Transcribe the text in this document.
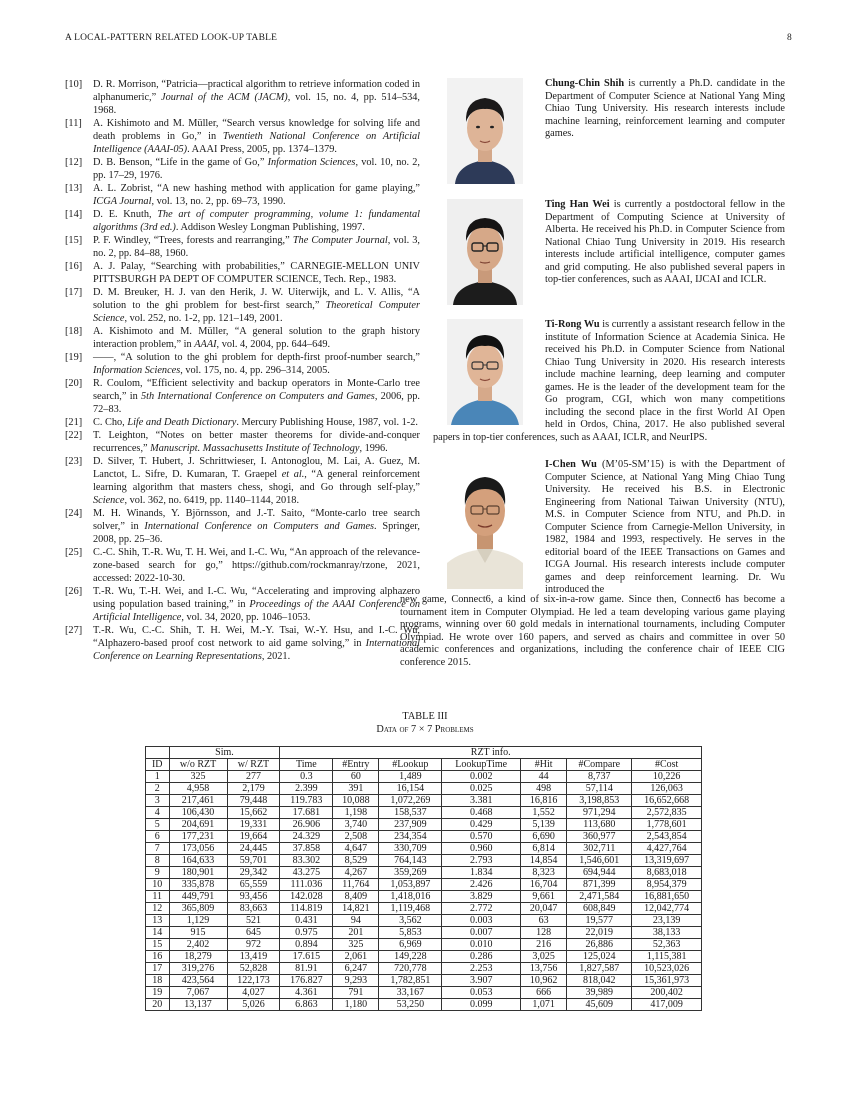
A LOCAL-PATTERN RELATED LOOK-UP TABLE	8
[10]	D. R. Morrison, “Patricia—practical algorithm to retrieve information coded in alphanumeric,” Journal of the ACM (JACM), vol. 15, no. 4, pp. 514–534, 1968.
[11]	A. Kishimoto and M. Müller, “Search versus knowledge for solving life and death problems in Go,” in Twentieth National Conference on Artificial Intelligence (AAAI-05). AAAI Press, 2005, pp. 1374–1379.
[12]	D. B. Benson, “Life in the game of Go,” Information Sciences, vol. 10, no. 2, pp. 17–29, 1976.
[13]	A. L. Zobrist, “A new hashing method with application for game playing,” ICGA Journal, vol. 13, no. 2, pp. 69–73, 1990.
[14]	D. E. Knuth, The art of computer programming, volume 1: fundamental algorithms (3rd ed.). Addison Wesley Longman Publishing, 1997.
[15]	P. F. Windley, “Trees, forests and rearranging,” The Computer Journal, vol. 3, no. 2, pp. 84–88, 1960.
[16]	A. J. Palay, “Searching with probabilities,” CARNEGIE-MELLON UNIV PITTSBURGH PA DEPT OF COMPUTER SCIENCE, Tech. Rep., 1983.
[17]	D. M. Breuker, H. J. van den Herik, J. W. Uiterwijk, and L. V. Allis, “A solution to the ghi problem for best-first search,” Theoretical Computer Science, vol. 252, no. 1-2, pp. 121–149, 2001.
[18]	A. Kishimoto and M. Müller, “A general solution to the graph history interaction problem,” in AAAI, vol. 4, 2004, pp. 644–649.
[19]	——, “A solution to the ghi problem for depth-first proof-number search,” Information Sciences, vol. 175, no. 4, pp. 296–314, 2005.
[20]	R. Coulom, “Efficient selectivity and backup operators in Monte-Carlo tree search,” in 5th International Conference on Computers and Games, 2006, pp. 72–83.
[21]	C. Cho, Life and Death Dictionary. Mercury Publishing House, 1987, vol. 1-2.
[22]	T. Leighton, “Notes on better master theorems for divide-and-conquer recurrences,” Manuscript. Massachusetts Institute of Technology, 1996.
[23]	D. Silver, T. Hubert, J. Schrittwieser, I. Antonoglou, M. Lai, A. Guez, M. Lanctot, L. Sifre, D. Kumaran, T. Graepel et al., “A general reinforcement learning algorithm that masters chess, shogi, and Go through self-play,” Science, vol. 362, no. 6419, pp. 1140–1144, 2018.
[24]	M. H. Winands, Y. Björnsson, and J.-T. Saito, “Monte-carlo tree search solver,” in International Conference on Computers and Games. Springer, 2008, pp. 25–36.
[25]	C.-C. Shih, T.-R. Wu, T. H. Wei, and I.-C. Wu, “An approach of the relevance-zone-based search for go,” https://github.com/rockmanray/rzone, 2021, accessed: 2022-10-30.
[26]	T.-R. Wu, T.-H. Wei, and I.-C. Wu, “Accelerating and improving alphazero using population based training,” in Proceedings of the AAAI Conference on Artificial Intelligence, vol. 34, 2020, pp. 1046–1053.
[27]	T.-R. Wu, C.-C. Shih, T. H. Wei, M.-Y. Tsai, W.-Y. Hsu, and I.-C. Wu, “Alphazero-based proof cost network to aid game solving,” in International Conference on Learning Representations, 2021.
Chung-Chin Shih is currently a Ph.D. candidate in the Department of Computer Science at National Yang Ming Chiao Tung University. His research interests include machine learning, reinforcement learning and computer games.
Ting Han Wei is currently a postdoctoral fellow in the Department of Computing Science at University of Alberta. He received his Ph.D. in Computer Science from National Chiao Tung University in 2019. His research interests include artificial intelligence, computer games and grid computing. He also published several papers in top-tier conferences, such as AAAI, IJCAI and ICLR.
Ti-Rong Wu is currently a assistant research fellow in the institute of Information Science at Academia Sinica. He received his Ph.D. in Computer Science from National Chiao Tung University in 2020. His research interests include machine learning, deep learning and computer games. He is the leader of the development team for the Go program, CGI, which won many competitions including the second place in the first World AI Open held in Ordos, China, 2017. He also published several papers in top-tier conferences, such as AAAI, ICLR, and NeurIPS.
I-Chen Wu (M’05-SM’15) is with the Department of Computer Science, at National Yang Ming Chiao Tung University. He received his B.S. in Electronic Engineering from National Taiwan University (NTU), M.S. in Computer Science from NTU, and Ph.D. in Computer Science from Carnegie-Mellon University, in 1982, 1984 and 1993, respectively. He serves in the editorial board of the IEEE Transactions on Games and ICGA Journal. His research interests include computer games and deep reinforcement learning. Dr. Wu introduced the
new game, Connect6, a kind of six-in-a-row game. Since then, Connect6 has become a tournament item in Computer Olympiad. He led a team developing various game playing programs, winning over 60 gold medals in international tournaments, including Computer Olympiad. He wrote over 160 papers, and served as chairs and committee in over 50 academic conferences and organizations, including the conference chair of IEEE CIG conference 2015.
TABLE III
Data of 7 × 7 Problems
	Sim.		RZT info.						
ID	w/o RZT	w/ RZT	Time	#Entry	#Lookup	LookupTime	#Hit	#Compare	#Cost
1	325	277	0.3	60	1,489	0.002	44	8,737	10,226
2	4,958	2,179	2.399	391	16,154	0.025	498	57,114	126,063
3	217,461	79,448	119.783	10,088	1,072,269	3.381	16,816	3,198,853	16,652,668
4	106,430	15,662	17.681	1,198	158,537	0.468	1,552	971,294	2,572,835
5	204,691	19,331	26.906	3,740	237,909	0.429	5,139	113,680	1,778,601
6	177,231	19,664	24.329	2,508	234,354	0.570	6,690	360,977	2,543,854
7	173,056	24,445	37.858	4,647	330,709	0.960	6,814	302,711	4,427,764
8	164,633	59,701	83.302	8,529	764,143	2.793	14,854	1,546,601	13,319,697
9	180,901	29,342	43.275	4,267	359,269	1.834	8,323	694,944	8,683,018
10	335,878	65,559	111.036	11,764	1,053,897	2.426	16,704	871,399	8,954,379
11	449,791	93,456	142.028	8,409	1,418,016	3.829	9,661	2,471,584	16,881,650
12	365,809	83,663	114.819	14,821	1,119,468	2.772	20,047	608,849	12,042,774
13	1,129	521	0.431	94	3,562	0.003	63	19,577	23,139
14	915	645	0.975	201	5,853	0.007	128	22,019	38,133
15	2,402	972	0.894	325	6,969	0.010	216	26,886	52,363
16	18,279	13,419	17.615	2,061	149,228	0.286	3,025	125,024	1,115,381
17	319,276	52,828	81.91	6,247	720,778	2.253	13,756	1,827,587	10,523,026
18	423,564	122,173	176.827	9,293	1,782,851	3.907	10,962	818,042	15,361,973
19	7,067	4,027	4.361	791	33,167	0.053	666	39,989	200,402
20	13,137	5,026	6.863	1,180	53,250	0.099	1,071	45,609	417,009
